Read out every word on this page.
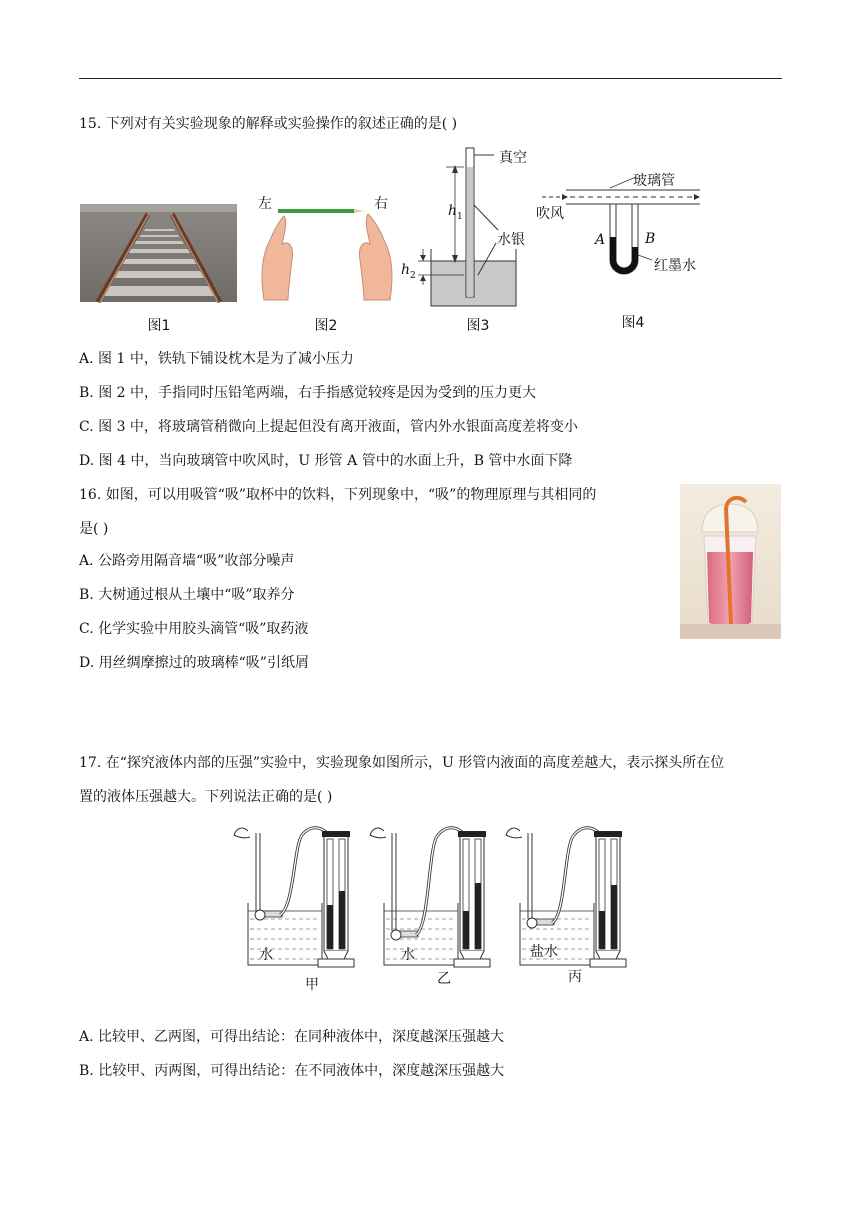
15. 下列对有关实验现象的解释或实验操作的叙述正确的是( )
图1
左	右
图2
真空
水银
$h_1$
$h_2$
图3
玻璃管
吹风
A	B
红墨水
图4
A. 图 1 中，铁轨下铺设枕木是为了减小压力
B. 图 2 中，手指同时压铅笔两端，右手指感觉较疼是因为受到的压力更大
C. 图 3 中，将玻璃管稍微向上提起但没有离开液面，管内外水银面高度差将变小
D. 图 4 中，当向玻璃管中吹风时，U 形管 A 管中的水面上升，B 管中水面下降
16. 如图，可以用吸管“吸”取杯中的饮料，下列现象中，“吸”的物理原理与其相同的
是( )
A. 公路旁用隔音墙“吸”收部分噪声
B. 大树通过根从土壤中“吸”取养分
C. 化学实验中用胶头滴管“吸”取药液
D. 用丝绸摩擦过的玻璃棒“吸”引纸屑
17. 在“探究液体内部的压强”实验中，实验现象如图所示，U 形管内液面的高度差越大，表示探头所在位
置的液体压强越大。下列说法正确的是( )
水	水	盐水
甲	乙	丙
A. 比较甲、乙两图，可得出结论：在同种液体中，深度越深压强越大
B. 比较甲、丙两图，可得出结论：在不同液体中，深度越深压强越大
